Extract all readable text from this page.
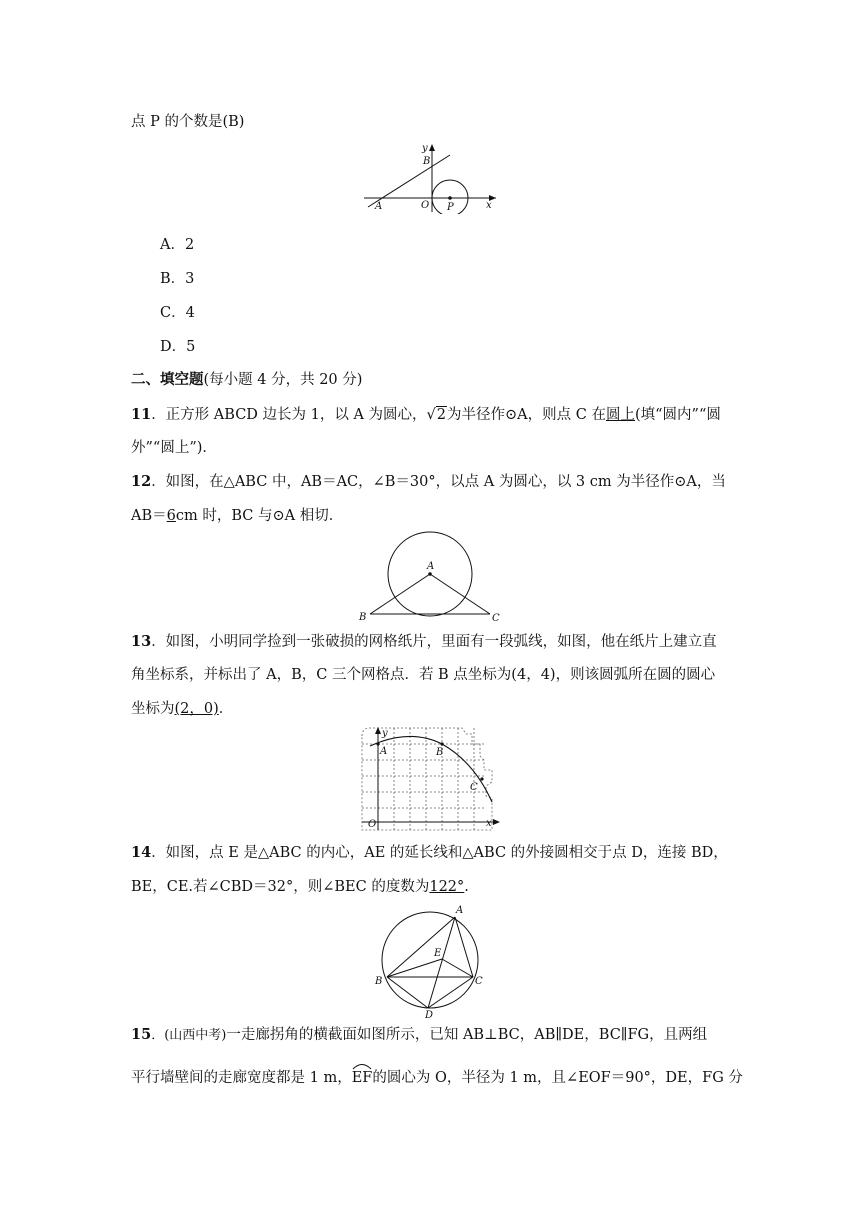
点 P 的个数是(B)
y
B
A	O P	x
A．2
B．3
C．4
D．5
二、填空题(每小题 4 分，共 20 分)
11．正方形 ABCD 边长为 1，以 A 为圆心，√2为半径作⊙A，则点 C 在圆上(填“圆内”“圆
外”“圆上”)．
12．如图，在△ABC 中，AB＝AC，∠B＝30°，以点 A 为圆心，以 3 cm 为半径作⊙A，当
AB＝6cm 时，BC 与⊙A 相切．
A
B	C
13．如图，小明同学捡到一张破损的网格纸片，里面有一段弧线，如图，他在纸片上建立直
角坐标系，并标出了 A，B，C 三个网格点．若 B 点坐标为(4，4)，则该圆弧所在圆的圆心
坐标为(2，0)．
y
A	B
C
O	x
14．如图，点 E 是△ABC 的内心，AE 的延长线和△ABC 的外接圆相交于点 D，连接 BD，
BE，CE.若∠CBD＝32°，则∠BEC 的度数为122°.
A
E
B	C
D
15．(山西中考)一走廊拐角的横截面如图所示，已知 AB⊥BC，AB∥DE，BC∥FG，且两组
平行墙壁间的走廊宽度都是 1 m，
EF的圆心为 O，半径为 1 m，且∠EOF＝90°，DE，FG 分
